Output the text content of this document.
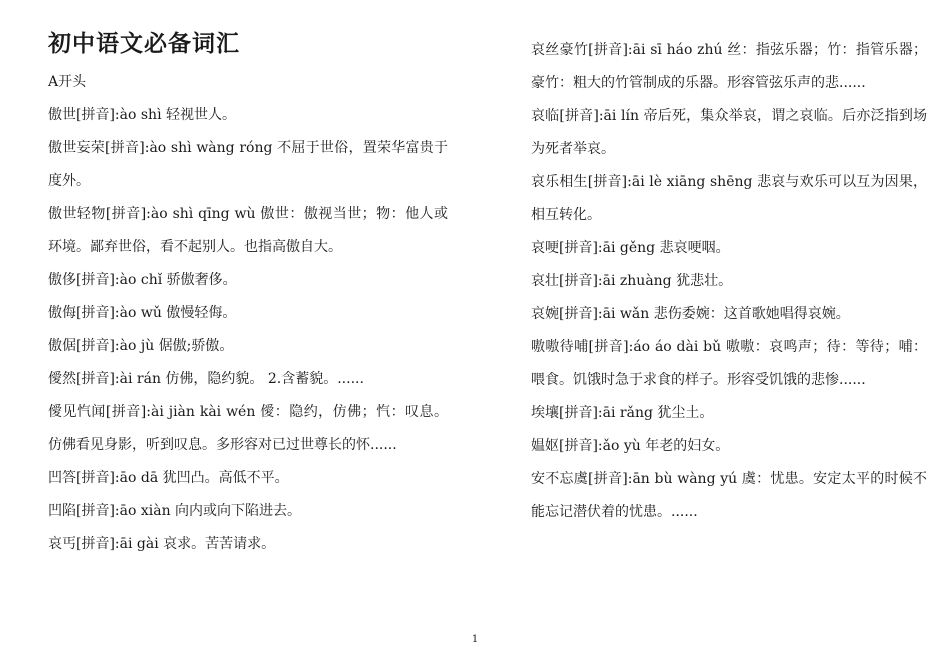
初中语文必备词汇

A开头

傲世[拼音]:ào shì 轻视世人。

傲世妄荣[拼音]:ào shì wàng róng 不屈于世俗，置荣华富贵于度外。

傲世轻物[拼音]:ào shì qīng wù 傲世：傲视当世；物：他人或环境。鄙弃世俗，看不起别人。也指高傲自大。

傲侈[拼音]:ào chǐ 骄傲奢侈。

傲侮[拼音]:ào wǔ 傲慢轻侮。

傲倨[拼音]:ào jù 倨傲;骄傲。

僾然[拼音]:ài rán 仿佛，隐约貌。 2.含蓄貌。......

僾见忾闻[拼音]:ài jiàn kài wén 僾：隐约，仿佛；忾：叹息。仿佛看见身影，听到叹息。多形容对已过世尊长的怀......

凹答[拼音]:āo dā 犹凹凸。高低不平。

凹陷[拼音]:āo xiàn 向内或向下陷进去。

哀丐[拼音]:āi gài 哀求。苦苦请求。

哀丝豪竹[拼音]:āi sī háo zhú 丝：指弦乐器；竹：指管乐器；豪竹：粗大的竹管制成的乐器。形容管弦乐声的悲......

哀临[拼音]:āi lín 帝后死，集众举哀，谓之哀临。后亦泛指到场为死者举哀。

哀乐相生[拼音]:āi lè xiāng shēng 悲哀与欢乐可以互为因果，相互转化。

哀哽[拼音]:āi gěng 悲哀哽咽。

哀壮[拼音]:āi zhuàng 犹悲壮。

哀婉[拼音]:āi wǎn 悲伤委婉：这首歌她唱得哀婉。

嗷嗷待哺[拼音]:áo áo dài bǔ 嗷嗷：哀鸣声；待：等待；哺：喂食。饥饿时急于求食的样子。形容受饥饿的悲惨......

埃壤[拼音]:āi rǎng 犹尘土。

媪妪[拼音]:ǎo yù 年老的妇女。

安不忘虞[拼音]:ān bù wàng yú 虞：忧患。安定太平的时候不能忘记潜伏着的忧患。......

1
